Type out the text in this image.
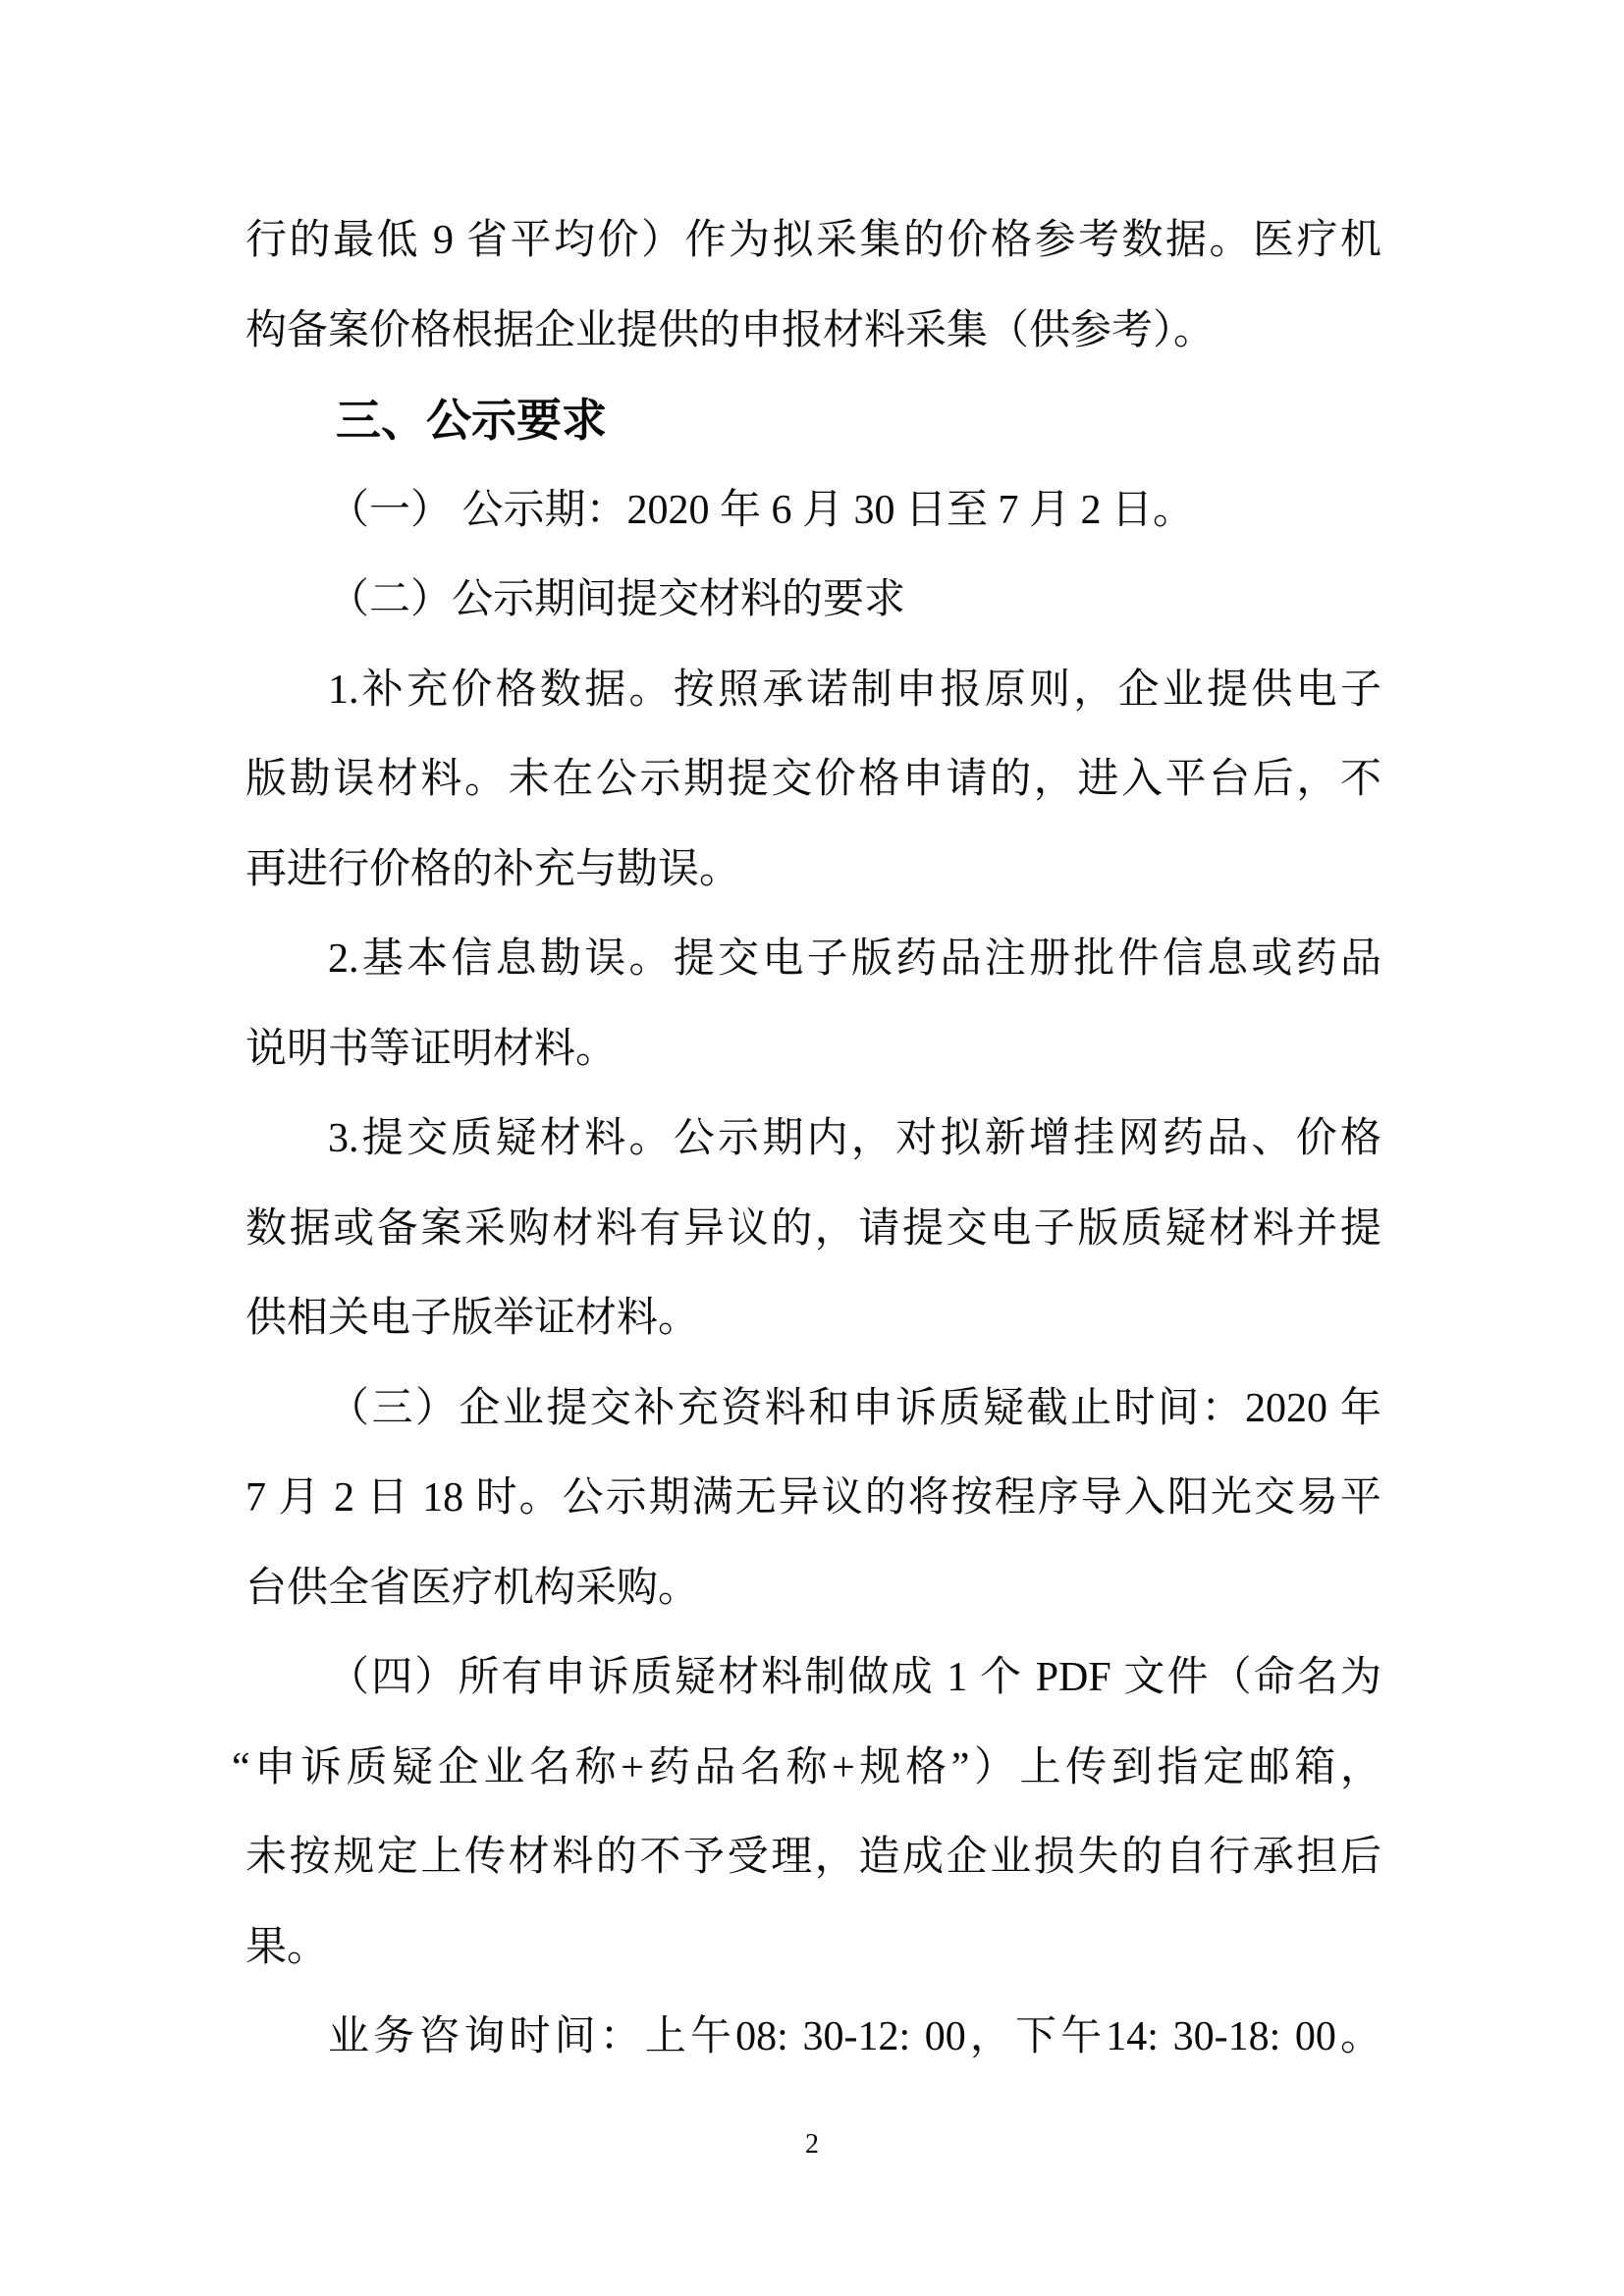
行的最低 9 省平均价）作为拟采集的价格参考数据。医疗机
构备案价格根据企业提供的申报材料采集（供参考）。
三、公示要求
（一） 公示期：2020 年 6 月 30 日至 7 月 2 日。
（二）公示期间提交材料的要求
1.补充价格数据。按照承诺制申报原则，企业提供电子
版勘误材料。未在公示期提交价格申请的，进入平台后，不
再进行价格的补充与勘误。
2.基本信息勘误。提交电子版药品注册批件信息或药品
说明书等证明材料。
3.提交质疑材料。公示期内，对拟新增挂网药品、价格
数据或备案采购材料有异议的，请提交电子版质疑材料并提
供相关电子版举证材料。
（三）企业提交补充资料和申诉质疑截止时间：2020 年
7 月 2 日 18 时。公示期满无异议的将按程序导入阳光交易平
台供全省医疗机构采购。
（四）所有申诉质疑材料制做成 1 个 PDF 文件（命名为
“申诉质疑企业名称+药品名称+规格”）上传到指定邮箱，
未按规定上传材料的不予受理，造成企业损失的自行承担后
果。
业务咨询时间：上午08: 30-12: 00，下午14: 30-18: 00。
2
